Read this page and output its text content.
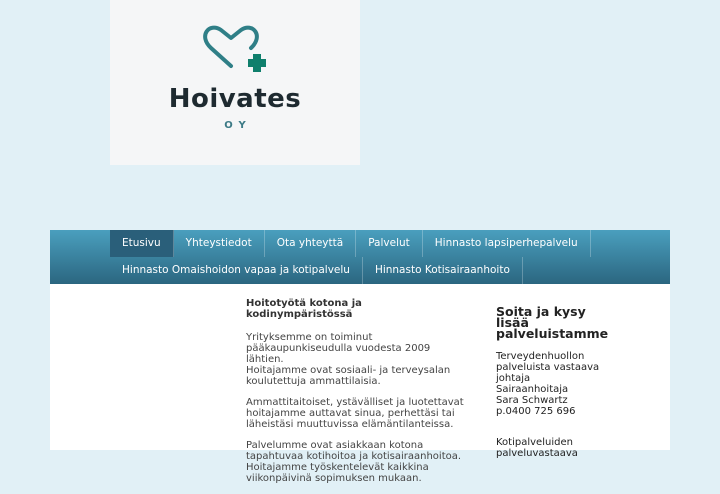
Hoivates
OY
Etusivu	Yhteystiedot	Ota yhteyttä	Palvelut	Hinnasto lapsiperhepalvelu
Hinnasto Omaishoidon vapaa ja kotipalvelu	Hinnasto Kotisairaanhoito
Hoitotyötä kotona ja kodinympäristössä

Yrityksemme on toiminut
pääkaupunkiseudulla vuodesta 2009 lähtien.
Hoitajamme ovat sosiaali- ja terveysalan
koulutettuja ammattilaisia.

Ammattitaitoiset, ystävälliset ja luotettavat
hoitajamme auttavat sinua, perhettäsi tai
läheistäsi muuttuvissa elämäntilanteissa.

Palvelumme ovat asiakkaan kotona
tapahtuvaa kotihoitoa ja kotisairaanhoitoa.
Hoitajamme työskentelevät kaikkina
viikonpäivinä sopimuksen mukaan.

Soita ja kysy
lisää
palveluistamme

Terveydenhuollon
palveluista vastaava
johtaja
Sairaanhoitaja
Sara Schwartz
p.0400 725 696

Kotipalveluiden
palveluvastaava
